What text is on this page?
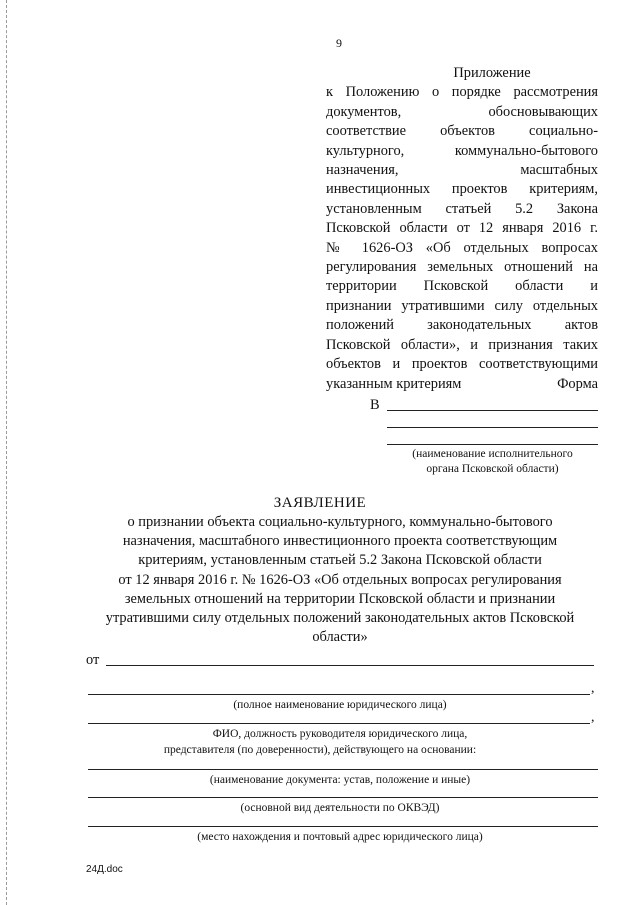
9
Приложение
к Положению о порядке рассмотрения
документов, обосновывающих
соответствие объектов социально-
культурного, коммунально-бытового
назначения, масштабных
инвестиционных проектов критериям,
установленным статьей 5.2 Закона
Псковской области от 12 января 2016 г.
№ 1626-ОЗ «Об отдельных вопросах
регулирования земельных отношений на
территории Псковской области и
признании утратившими силу отдельных
положений законодательных актов
Псковской области», и признания таких
объектов и проектов соответствующими
указанным критериям	Форма
В
(наименование исполнительного
органа Псковской области)
ЗАЯВЛЕНИЕ
о признании объекта социально-культурного, коммунально-бытового
назначения, масштабного инвестиционного проекта соответствующим
критериям, установленным статьей 5.2 Закона Псковской области
от 12 января 2016 г. № 1626-ОЗ «Об отдельных вопросах регулирования
земельных отношений на территории Псковской области и признании
утратившими силу отдельных положений законодательных актов Псковской
области»
от
,
(полное наименование юридического лица)
,
ФИО, должность руководителя юридического лица,
представителя (по доверенности), действующего на основании:
(наименование документа: устав, положение и иные)
(основной вид деятельности по ОКВЭД)
(место нахождения и почтовый адрес юридического лица)
24Д.doc
